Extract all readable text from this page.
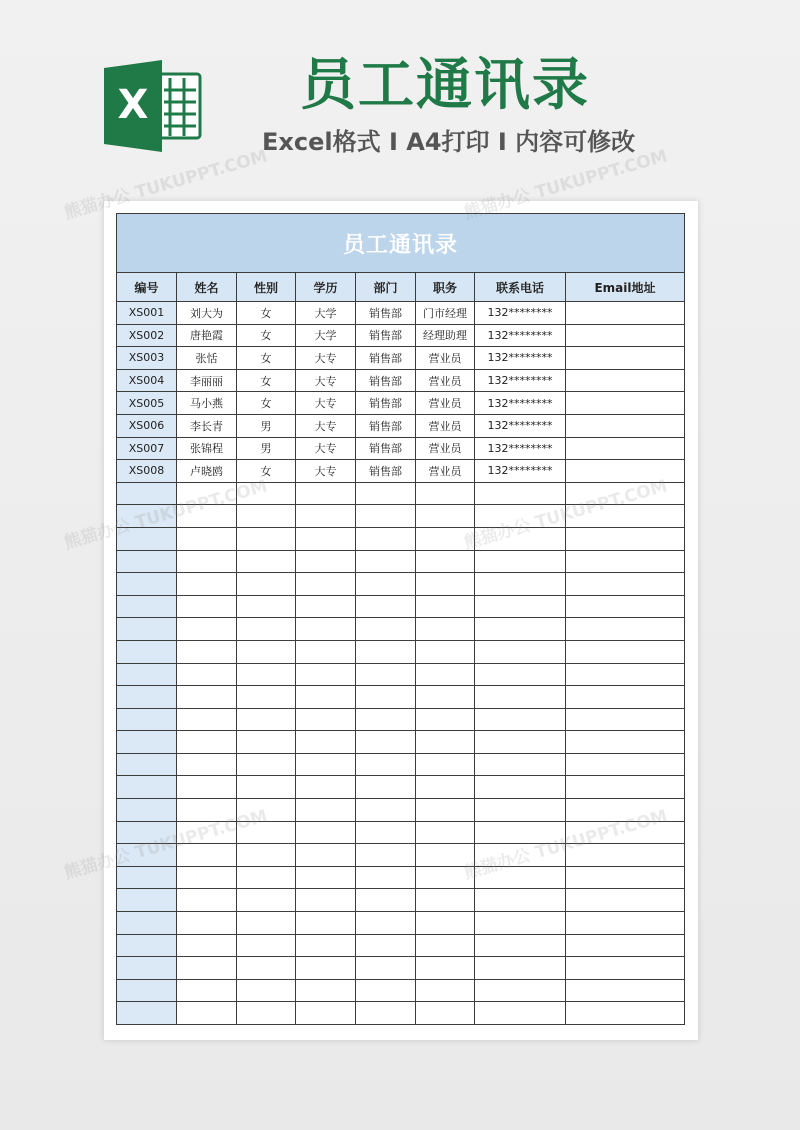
X	员工通讯录
Excel格式 I A4打印 I 内容可修改
员工通讯录							
编号	姓名	性别	学历	部门	职务	联系电话	Email地址
XS001	刘大为	女	大学	销售部	门市经理	132********	
XS002	唐艳霞	女	大学	销售部	经理助理	132********	
XS003	张恬	女	大专	销售部	营业员	132********	
XS004	李丽丽	女	大专	销售部	营业员	132********	
XS005	马小燕	女	大专	销售部	营业员	132********	
XS006	李长青	男	大专	销售部	营业员	132********	
XS007	张锦程	男	大专	销售部	营业员	132********	
XS008	卢晓鸥	女	大专	销售部	营业员	132********	

熊猫办公 TUKUPPT.COM	熊猫办公 TUKUPPT.COM
熊猫办公
熊猫办公
